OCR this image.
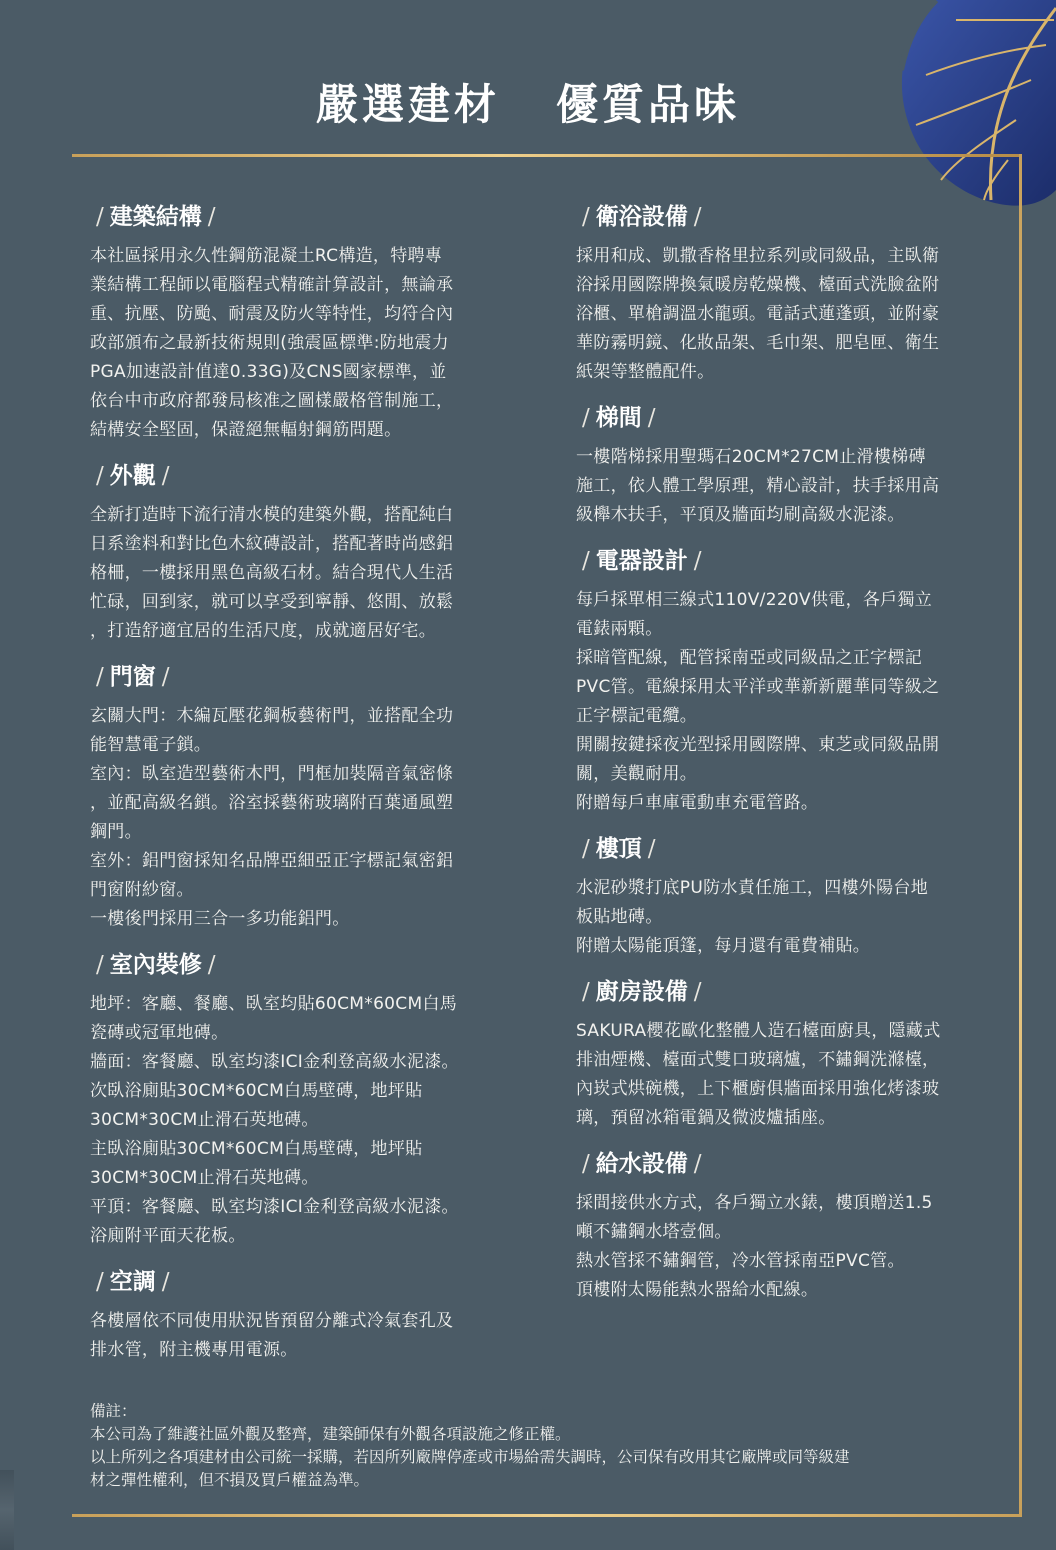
嚴選建材 優質品味
/ 建築結構 /
本社區採用永久性鋼筋混凝土RC構造，特聘專
業結構工程師以電腦程式精確計算設計，無論承
重、抗壓、防颱、耐震及防火等特性，均符合內
政部頒布之最新技術規則(強震區標準:防地震力
PGA加速設計值達0.33G)及CNS國家標準，並
依台中市政府都發局核准之圖樣嚴格管制施工，
結構安全堅固，保證絕無輻射鋼筋問題。
/ 外觀 /
全新打造時下流行清水模的建築外觀，搭配純白
日系塗料和對比色木紋磚設計，搭配著時尚感鋁
格柵，一樓採用黑色高級石材。結合現代人生活
忙碌，回到家，就可以享受到寧靜、悠閒、放鬆
，打造舒適宜居的生活尺度，成就適居好宅。
/ 門窗 /
玄關大門：木編瓦壓花鋼板藝術門，並搭配全功
能智慧電子鎖。
室內：臥室造型藝術木門，門框加裝隔音氣密條
，並配高級名鎖。浴室採藝術玻璃附百葉通風塑
鋼門。
室外：鋁門窗採知名品牌亞細亞正字標記氣密鋁
門窗附紗窗。
一樓後門採用三合一多功能鋁門。
/ 室內裝修 /
地坪：客廳、餐廳、臥室均貼60CM*60CM白馬
瓷磚或冠軍地磚。
牆面：客餐廳、臥室均漆ICI金利登高級水泥漆。
次臥浴廁貼30CM*60CM白馬壁磚，地坪貼
30CM*30CM止滑石英地磚。
主臥浴廁貼30CM*60CM白馬壁磚，地坪貼
30CM*30CM止滑石英地磚。
平頂：客餐廳、臥室均漆ICI金利登高級水泥漆。
浴廁附平面天花板。
/ 空調 /
各樓層依不同使用狀況皆預留分離式冷氣套孔及
排水管，附主機專用電源。
/ 衛浴設備 /
採用和成、凱撒香格里拉系列或同級品，主臥衛
浴採用國際牌換氣暖房乾燥機、檯面式洗臉盆附
浴櫃、單槍調溫水龍頭。電話式蓮蓬頭，並附豪
華防霧明鏡、化妝品架、毛巾架、肥皂匣、衛生
紙架等整體配件。
/ 梯間 /
一樓階梯採用聖瑪石20CM*27CM止滑樓梯磚
施工，依人體工學原理，精心設計，扶手採用高
級櫸木扶手，平頂及牆面均刷高級水泥漆。
/ 電器設計 /
每戶採單相三線式110V/220V供電，各戶獨立
電錶兩顆。
採暗管配線，配管採南亞或同級品之正字標記
PVC管。電線採用太平洋或華新新麗華同等級之
正字標記電纜。
開關按鍵採夜光型採用國際牌、東芝或同級品開
關，美觀耐用。
附贈每戶車庫電動車充電管路。
/ 樓頂 /
水泥砂漿打底PU防水責任施工，四樓外陽台地
板貼地磚。
附贈太陽能頂篷，每月還有電費補貼。
/ 廚房設備 /
SAKURA櫻花歐化整體人造石檯面廚具，隱藏式
排油煙機、檯面式雙口玻璃爐，不鏽鋼洗滌檯，
內崁式烘碗機，上下櫃廚俱牆面採用強化烤漆玻
璃，預留冰箱電鍋及微波爐插座。
/ 給水設備 /
採間接供水方式，各戶獨立水錶，樓頂贈送1.5
噸不鏽鋼水塔壹個。
熱水管採不鏽鋼管，冷水管採南亞PVC管。
頂樓附太陽能熱水器給水配線。
備註：
本公司為了維護社區外觀及整齊，建築師保有外觀各項設施之修正權。
以上所列之各項建材由公司統一採購，若因所列廠牌停產或市場給需失調時，公司保有改用其它廠牌或同等級建
材之彈性權利，但不損及買戶權益為準。
